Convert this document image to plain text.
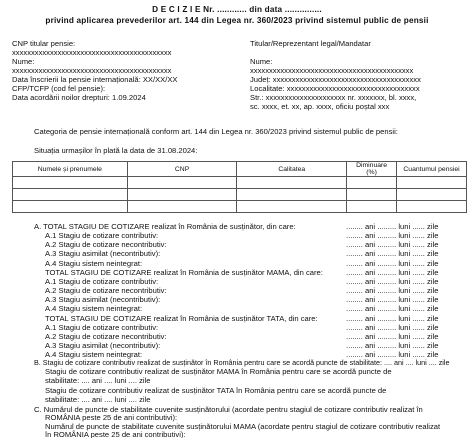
D E C I Z I E Nr. ............ din data ...............
privind aplicarea prevederilor art. 144 din Legea nr. 360/2023 privind sistemul public de pensii
CNP titular pensie:
xxxxxxxxxxxxxxxxxxxxxxxxxxxxxxxxxxxxxxxxxx
Nume:
xxxxxxxxxxxxxxxxxxxxxxxxxxxxxxxxxxxxxxxxxx
Data înscrierii la pensie internațională: XX/XX/XX
CFP/TCFP (cod fel pensie):
Data acordării noilor drepturi: 1.09.2024
Titular/Reprezentant legal/Mandatar
Nume:
xxxxxxxxxxxxxxxxxxxxxxxxxxxxxxxxxxxxxxxxxxx
Județ: xxxxxxxxxxxxxxxxxxxxxxxxxxxxxxxxxxxxxxx
Localitate: xxxxxxxxxxxxxxxxxxxxxxxxxxxxxxxxxxx
Str.: xxxxxxxxxxxxxxxxxxxxx nr. xxxxxxx, bl. xxxx,
sc. xxxx, et. xx, ap. xxxx, oficiu poștal xxx
Categoria de pensie internațională conform art. 144 din Legea nr. 360/2023 privind sistemul public de pensii:
Situația urmașilor în plată la data de 31.08.2024:
Numele și prenumele	CNP	Calitatea	Diminuare
(%)	Cuantumul pensiei

A. TOTAL STAGIU DE COTIZARE realizat în România de susținător, din care:	........ ani ......... luni ...... zile
A.1 Stagiu de cotizare contributiv:	........ ani ......... luni ...... zile
A.2 Stagiu de cotizare necontributiv:	........ ani ......... luni ...... zile
A.3 Stagiu asimilat (necontributiv):	........ ani ......... luni ...... zile
A.4 Stagiu sistem neintegrat:	........ ani ......... luni ...... zile
TOTAL STAGIU DE COTIZARE realizat în România de susținător MAMA, din care:	........ ani ......... luni ...... zile
A.1 Stagiu de cotizare contributiv:	........ ani ......... luni ...... zile
A.2 Stagiu de cotizare necontributiv:	........ ani ......... luni ...... zile
A.3 Stagiu asimilat (necontributiv):	........ ani ......... luni ...... zile
A.4 Stagiu sistem neintegrat:	........ ani ......... luni ...... zile
TOTAL STAGIU DE COTIZARE realizat în România de susținător TATA, din care:	........ ani ......... luni ...... zile
A.1 Stagiu de cotizare contributiv:	........ ani ......... luni ...... zile
A.2 Stagiu de cotizare necontributiv:	........ ani ......... luni ...... zile
A.3 Stagiu asimilat (necontributiv):	........ ani ......... luni ...... zile
A.4 Stagiu sistem neintegrat:	........ ani ......... luni ...... zile
B. Stagiu de cotizare contributiv realizat de susținător în România pentru care se acordă puncte de stabilitate: .... ani .... luni .... zile
Stagiu de cotizare contributiv realizat de susținător MAMA în România pentru care se acordă puncte de
stabilitate: .... ani .... luni .... zile
Stagiu de cotizare contributiv realizat de susținător TATA în România pentru care se acordă puncte de
stabilitate: .... ani .... luni .... zile
C. Numărul de puncte de stabilitate cuvenite susținătorului (acordate pentru stagiul de cotizare contributiv realizat în
ROMÂNIA peste 25 de ani contributivi):
Numărul de puncte de stabilitate cuvenite susținătorului MAMA (acordate pentru stagiul de cotizare contributiv realizat
în ROMÂNIA peste 25 de ani contributivi):
